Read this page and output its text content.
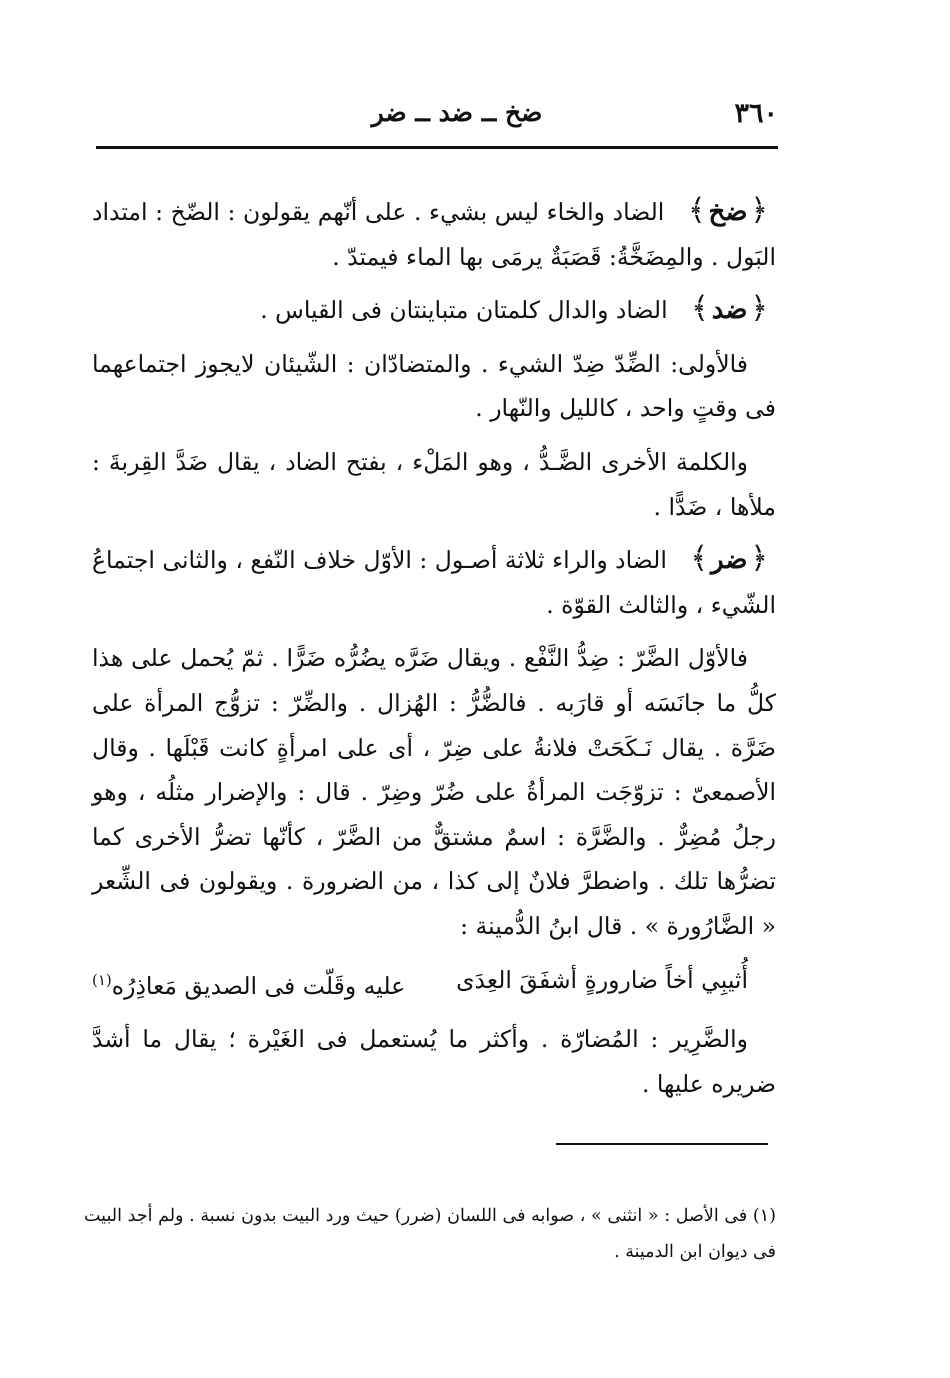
٣٦٠
ضخ ــ ضد ــ ضر

﴿ضخ﴾ الضاد والخاء ليس بشيء . على أنّهم يقولون : الضّخ : امتداد البَول . والمِضَخَّةُ: قَصَبَةٌ يرمَى بها الماء فيمتدّ .

﴿ضد﴾ الضاد والدال كلمتان متباينتان فى القياس .

فالأولى: الضِّدّ ضِدّ الشيء . والمتضادّان : الشّيئان لايجوز اجتماعهما فى وقتٍ واحد ، كالليل والنّهار .

والكلمة الأخرى الضَّـدُّ ، وهو المَلْء ، بفتح الضاد ، يقال ضَدَّ القِربةَ : ملأها ، ضَدًّا .

﴿ضر﴾ الضاد والراء ثلاثة أصـول : الأوّل خلاف النّفع ، والثانى اجتماعُ الشّيء ، والثالث القوّة .

فالأوّل الضَّرّ : ضِدُّ النَّفْع . ويقال ضَرَّه يضُرُّه ضَرًّا . ثمّ يُحمل على هذا كلُّ ما جانَسَه أو قارَبه . فالضُّرُّ : الهُزال . والضِّرّ : تزوُّج المرأة على ضَرَّة . يقال نَـكَحَتْ فلانةُ على ضِرّ ، أى على امرأةٍ كانت قَبْلَها . وقال الأصمعىّ : تزوّجَت المرأةُ على ضُرّ وضِرّ . قال : والإضرار مثلُه ، وهو رجلُ مُضِرٌّ . والضَّرَّة : اسمٌ مشتقٌّ من الضَّرّ ، كأنّها تضرُّ الأخرى كما تضرُّها تلك . واضطرَّ فلانٌ إلى كذا ، من الضرورة . ويقولون فى الشِّعر « الضَّارُورة » . قال ابنُ الدُّمينة :

أُثيبِي أخاً ضارورةٍ أشفَقَ العِدَى
عليه وقَلّت فى الصديق مَعاذِرُه$^{(١)}$

والضَّرِير : المُضارّة . وأكثر ما يُستعمل فى الغَيْرة ؛ يقال ما أشدَّ ضريره عليها .

(١) فى الأصل : « انثنى » ، صوابه فى اللسان (ضرر) حيث ورد البيت بدون نسبة . ولم أجد البيت فى ديوان ابن الدمينة .
